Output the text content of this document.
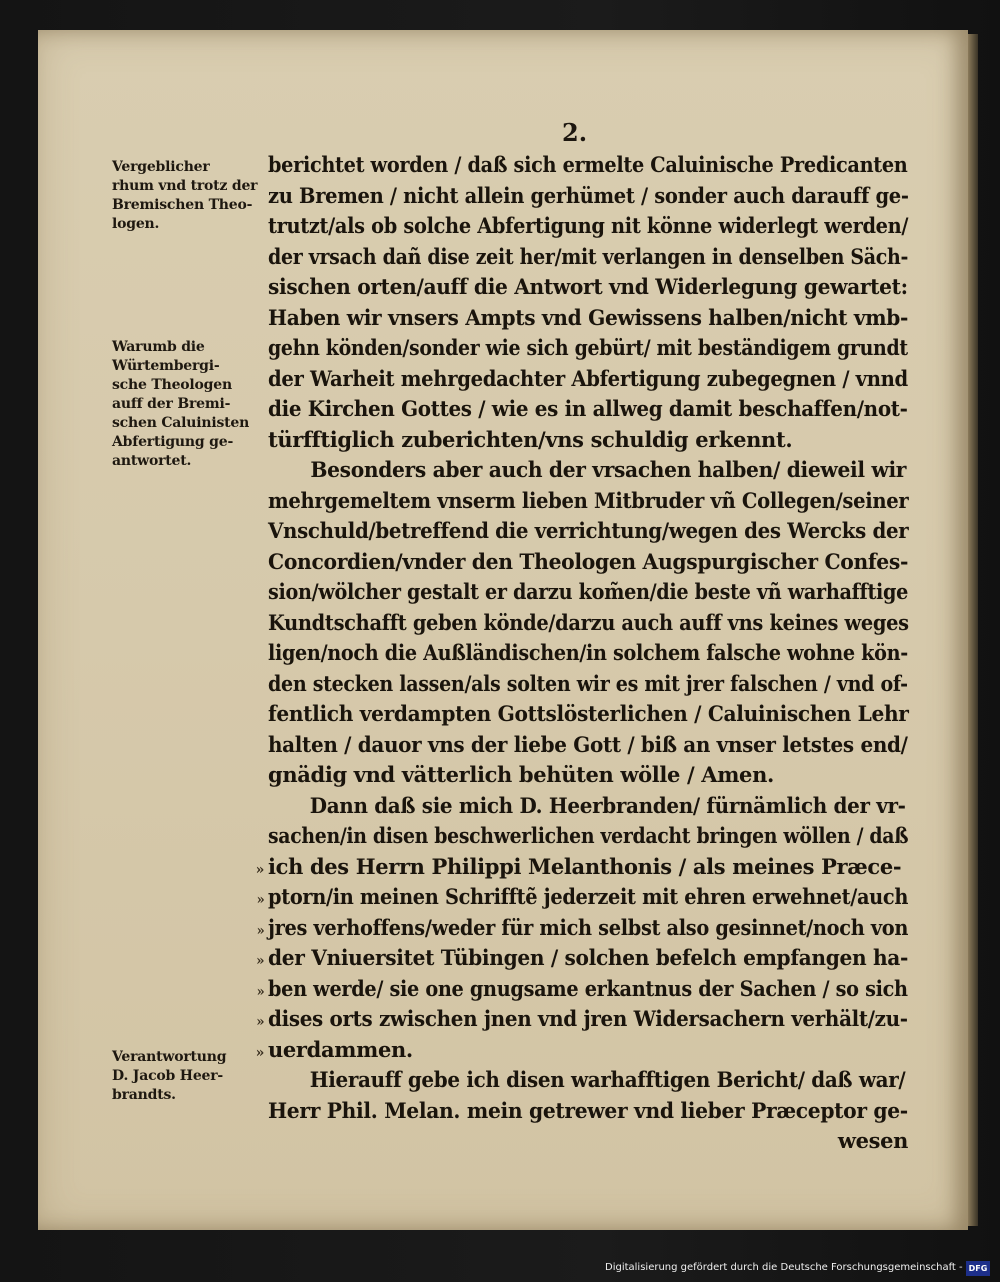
2.
Vergeblicher
rhum vnd trotz der
Bremischen Theo-
logen.
Warumb die
Würtembergi-
sche Theologen
auff der Bremi-
schen Caluinisten
Abfertigung ge-
antwortet.
Verantwortung
D. Jacob Heer-
brandts.
berichtet worden / daß sich ermelte Caluinische Predicanten
zu Bremen / nicht allein gerhümet / sonder auch darauff ge-
trutzt/als ob solche Abfertigung nit könne widerlegt werden/
der vrsach dañ dise zeit her/mit verlangen in denselben Säch-
sischen orten/auff die Antwort vnd Widerlegung gewartet:
Haben wir vnsers Ampts vnd Gewissens halben/nicht vmb-
gehn könden/sonder wie sich gebürt/ mit beständigem grundt
der Warheit mehrgedachter Abfertigung zubegegnen / vnnd
die Kirchen Gottes / wie es in allweg damit beschaffen/not-
türfftiglich zuberichten/vns schuldig erkennt.
Besonders aber auch der vrsachen halben/ dieweil wir
mehrgemeltem vnserm lieben Mitbruder vñ Collegen/seiner
Vnschuld/betreffend die verrichtung/wegen des Wercks der
Concordien/vnder den Theologen Augspurgischer Confes-
sion/wölcher gestalt er darzu kom̃en/die beste vñ warhafftige
Kundtschafft geben könde/darzu auch auff vns keines weges
ligen/noch die Außländischen/in solchem falsche wohne kön-
den stecken lassen/als solten wir es mit jrer falschen / vnd of-
fentlich verdampten Gottslösterlichen / Caluinischen Lehr
halten / dauor vns der liebe Gott / biß an vnser letstes end/
gnädig vnd vätterlich behüten wölle / Amen.
Dann daß sie mich D. Heerbranden/ fürnämlich der vr-
sachen/in disen beschwerlichen verdacht bringen wöllen / daß
» ich des Herrn Philippi Melanthonis / als meines Præce-
» ptorn/in meinen Schrifftẽ jederzeit mit ehren erwehnet/auch
» jres verhoffens/weder für mich selbst also gesinnet/noch von
» der Vniuersitet Tübingen / solchen befelch empfangen ha-
» ben werde/ sie one gnugsame erkantnus der Sachen / so sich
» dises orts zwischen jnen vnd jren Widersachern verhält/zu-
» uerdammen.
Hierauff gebe ich disen warhafftigen Bericht/ daß war/
Herr Phil. Melan. mein getrewer vnd lieber Præceptor ge-
wesen
Digitalisierung gefördert durch die Deutsche Forschungsgemeinschaft - DFG
